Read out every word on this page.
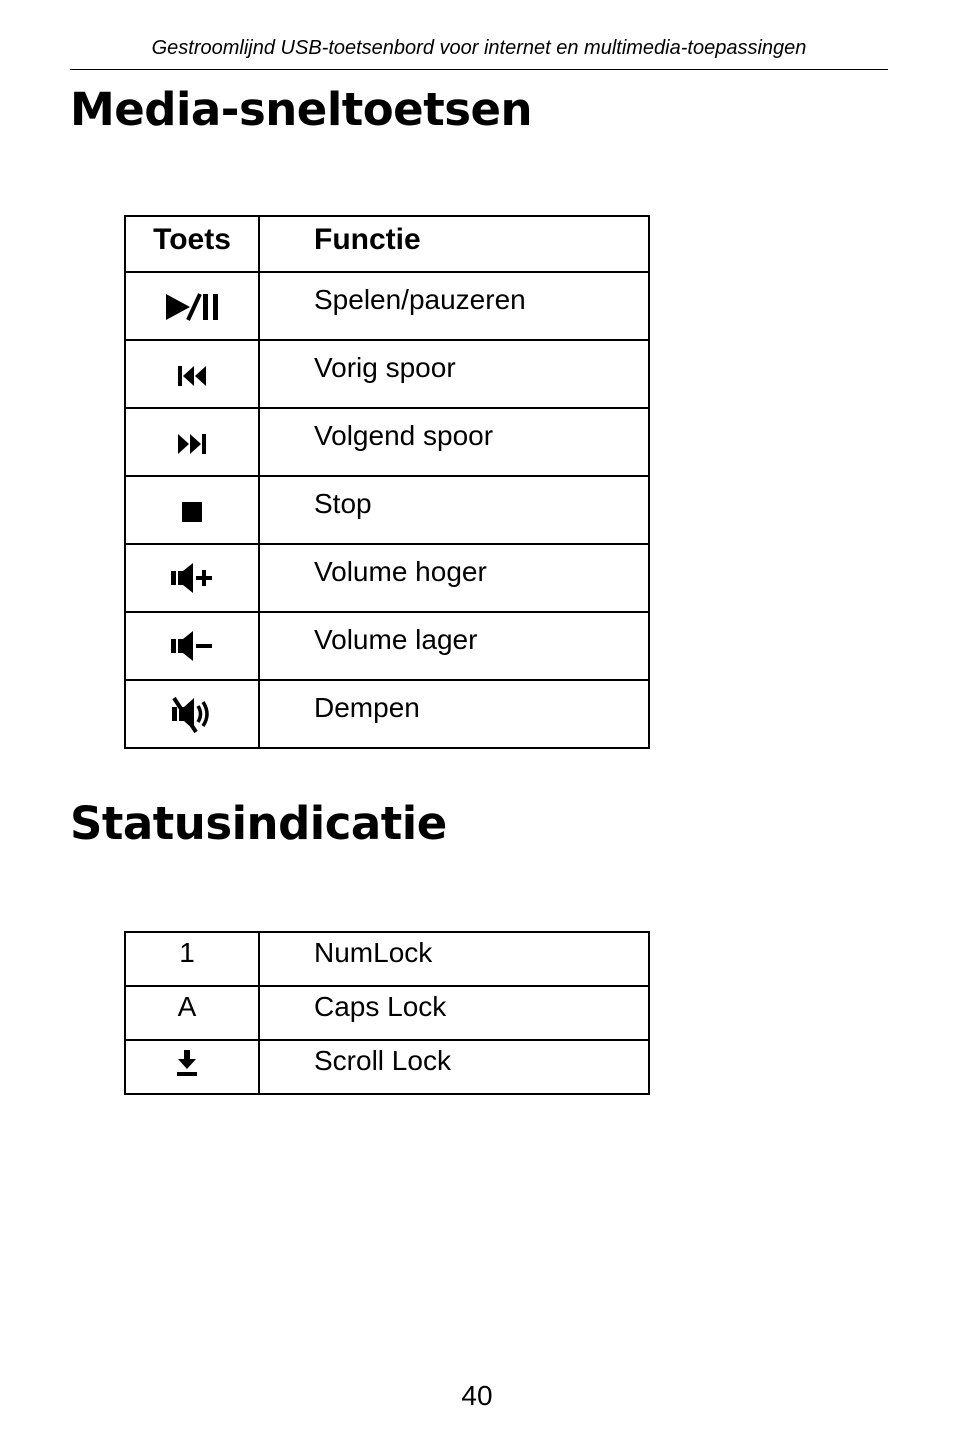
Gestroomlijnd USB-toetsenbord voor internet en multimedia-toepassingen
Media-sneltoetsen
Toets	Functie
	Spelen/pauzeren
	Vorig spoor
	Volgend spoor
	Stop
	Volume hoger
	Volume lager
	Dempen
Statusindicatie
1	NumLock
A	Caps Lock
	Scroll Lock
40
